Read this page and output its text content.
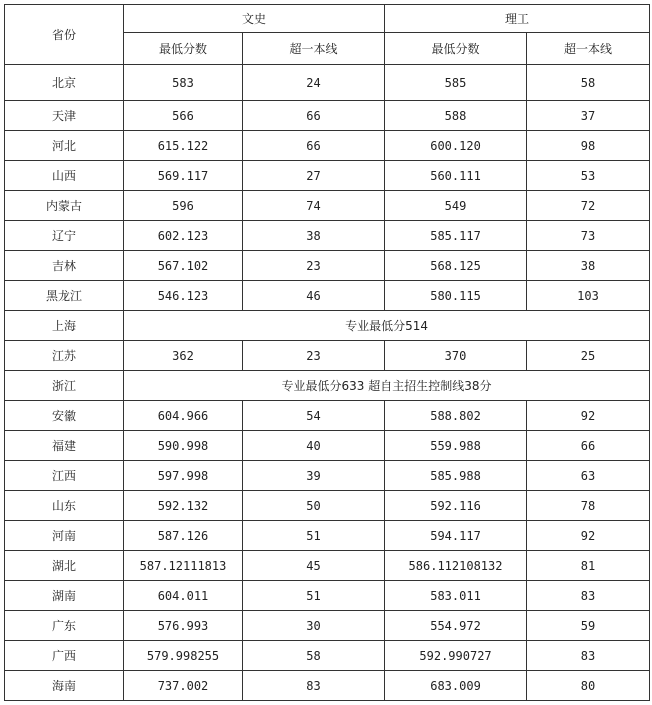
省份	文史		理工	
	最低分数	超一本线	最低分数	超一本线
北京	583	24	585	58
天津	566	66	588	37
河北	615.122	66	600.120	98
山西	569.117	27	560.111	53
内蒙古	596	74	549	72
辽宁	602.123	38	585.117	73
吉林	567.102	23	568.125	38
黑龙江	546.123	46	580.115	103
上海	专业最低分514			
江苏	362	23	370	25
浙江	专业最低分633 超自主招生控制线38分			
安徽	604.966	54	588.802	92
福建	590.998	40	559.988	66
江西	597.998	39	585.988	63
山东	592.132	50	592.116	78
河南	587.126	51	594.117	92
湖北	587.12111813	45	586.112108132	81
湖南	604.011	51	583.011	83
广东	576.993	30	554.972	59
广西	579.998255	58	592.990727	83
海南	737.002	83	683.009	80
